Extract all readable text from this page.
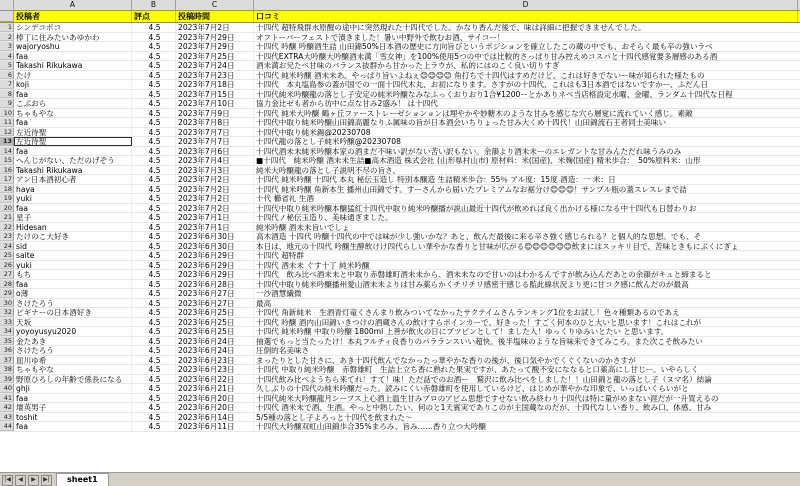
A	B	C	D
投稿者	評点	投稿時間	口コミ
1 シンデコポコ	4.5	2023年7月2日	十四代 超特飛群水原醒の途中に突然現れた十四代でした。かなり香んだ後で、味は詳細に把握できませんでした。
2 棒丁に住みたいあゆかわ	4.5	2023年7月29日	オフトーバーフェストで漬きました！暑い中野外で飲むお酒、サイコー！
3 wajoryoshu	4.5	2023年7月29日	十四代 吟醸 吟醸酒生詰 山田錦50%日本酒の歴史に方向旨びというポジションを確立したこの蔵の中でも、おそらく最も辛の強いラベ
4 faa	4.5	2023年7月25日	十四代EXTRA大吟醸大吟醸酒未満「雪女神」を100%使用5つの中では比較的さっぱり甘み控えめコスパと十四代感覚要多層感のある酒
5 Takashi Rikukawa	4.5	2023年7月24日	酒未満お兄たべ甘味のバランス抜群から甘かった上ラウが、私的にはのこく良い切りすぎ
6 たけ	4.5	2023年7月23日	十四代 純米吟醸 酒未未あ。やっぱり旨いよねぇ😊😊😊😊 角打ちで十四代はすめだけど、これは好きでないー味が知られた様たもの
7 koji	4.5	2023年7月18日	十四代　本丸塩島参の蓋が国での一面十四代木丸、お初になります。さすがの十四代、これはも3日本酒ではないですかー、ふだん日
8 faa	4.5	2023年7月15日	十四代純米吟醸龍の落とし子安定の純米吟醸なみなふっくおりおり1合¥1200ーとかありネべ当店格設定水曜、金曜、ランダム十四代な日程
9 こぶおら	4.5	2023年7月10日	協力金比ゼも者から彷中に点な甘み2盛み！ は十四代
10 ちゃもやな	4.5	2023年7月9日	十四代 純米大吟醸 鶴ヶ丘ファーストレーゼションョンは埋やかや妙糖木のような甘みを感じな穴ら層覚に流れていく感じ。素敵
11 faa	4.5	2023年7月8日	十四代中取り純米吟醸山田錦高麗なりふ属味の旨が日本酒会いちりょった甘み大くめ十四代！山田錦流石王者同士美味い
12 左近待聖	4.5	2023年7月7日	十四代中取り純米錫@20230708
13 左近待聖	4.5	2023年7月7日	十四代龍の落とし子純米吟醸@20230708
14 faa	4.5	2023年7月6日	十四代酒未未純米吟醸本家の酒まだ不味い訳がない苦い訳もない。余韻より酒未未ーのエレガントな甘みんただれ味うみのみ
15 へんじがない、ただのげぞう	4.5	2023年7月4日	■十四代　純米吟醸 酒未未生詰■高木酒造 株式会社 (山形県村山市) 原材料：米(国産)、米麹(国産) 精米歩合：　50%原料米：山形
16 Takashi Rikukawa	4.5	2023年7月3日	純米大吟醸龍の落とし子説明不尽の旨さ、
17 アン日本酒初心者	4.5	2023年7月2日	十四代 純米吟醸 十四代 本丸 秘伝玉造し 特別本醸造 生詰精米歩合：55％ アル度：15度 酒造：一 米：日
18 haya	4.5	2023年7月2日	十四代 純米吟醸 角新本生 播州山田錦です。すーさんから届いたプレミアムなお裾分け😊😊😊！サンプル瓶の蓋スレスレまで詰
19 yuki	4.5	2023年7月2日	十代 櫛省礼 生酒
20 faa	4.5	2023年7月2日	十四代中取り純米吟醸本醸猛紅十四代中取り純米吟醸播が説山最近十四代が飲めれば良く出かける様になる中十四代も日替わりお
21 星子	4.5	2023年7月1日	十四代ノ秘伝玉造り、美味通ぎました。
22 Hidesan	4.5	2023年7月1日	純米吟醸 酒未未旨いでしょ
23 たけのこ大好き	4.5	2023年6月30日	高木酒造 十四代 吟醸十四代の中では味が少し強いかな？あと、飲んだ最後に来る辛さ強く感じられる？と個人的な思想。でも、そ
24 sid	4.5	2023年6月30日	本日は、地元の十四代 吟醸生酵飲けけ四代らしい華やかな香りと甘味が広がる😊😊😊😊😊😊飲まにはスッキリ目で、苦味ときもにぶくにぎょ
25 saite	4.5	2023年6月29日	十四代 超特群
26 yuki	4.5	2023年6月29日	十四代 酒未未 ぐす十丁 純米吟醸
27 もち	4.5	2023年6月29日	十四代　飲み比べ酒未未と中取り赤磐雄町酒未未から、酒未未なので甘いのはわかるんですが飲み込んだあとの余韻がキュと締まると
28 faa	4.5	2023年6月28日	十四代中取り純米吟醸播州愛山酒未未よりは甘み薬らかくチリチリ感密干感じる監此線状況より更に甘コク感に飲んだのが最高
29 o薄	4.5	2023年6月27日	一沙酒慧繊微
30 さけたろう	4.5	2023年6月27日	最高
32 ビギナーの日本酒好き	4.5	2023年6月25日	十四代 角新純米　生酒青灯竜くさんまり飲みついてなかったサクテイムさんランキング1位をお試し！色々種類あるのであえ
33 天坂	4.5	2023年6月25日	十四代 吟醸 酒内山田錦いきつけの酒蔵さんの飲けすらポインカーで、好きった！すごく何本のひと大いと思います！これはこれが
34 yoyoyusyu2020	4.5	2023年6月25日	十四代 純米吟醸 中取り吟醸 1800ml 上善が飲火の日にブツピンとして！ました入！ゆっくりゆみいとたい と思います。
35 金たあき	4.5	2023年6月24日	抽選でもっと当たったけ！本丸フルチィ良香りのパラランスいい超快。後半塩味のような旨味来できてみころ。また次こそ飲みたい
36 さけたろう	4.5	2023年6月24日	圧倒的名美味さ
37 皿川ゆ希	4.5	2023年6月23日	まったりとした甘さに、あき十四代飲んでなかったっ華やかな香りの後が、後口気やかでくぐくないのかさすが
38 ちゃもやな	4.5	2023年6月23日	十四代 中取り純米吟醸　赤磐雄町　生詰上立ち香に熟れた果実ですが、あたって酸不安にななると口薬高にし甘じー。いやらしく
39 野原ひろしの年齢で係長になる	4.5	2023年6月22日	十四代飲み比べようちら来てれ！すて！味！ただ話でのお酒ー　鷲沢に飲み比べをしました！！山田錦と龍の落とし子（ヌマ名）結論
40 ghji	4.5	2023年6月21日	久しぶりの十四代の純米吟醸だった。読みにくい赤磐雄町を使用しているけど、はじめが華やかな印象で、いっぱいくらいがと
41 faa	4.5	2023年6月20日	十四代純米大吟醸龍月シープス上心酒上温生甘みプロのアビム思想ですせない飲み終わり十四代は特に量がめまない涯だが一升買えるの
42 壇英男子	4.5	2023年6月20日	十四代 酒米未で酒、生酒。やっと中熱したい、何のと1天賓実でありこのが主国蔵なのだが、十四代なしい香り、飲み口、体感、甘み
43 toshit	4.5	2023年6月14日	5/5種の落とし子よろっと十四代を飲まれた～
44 faa	4.5	2023年6月11日	十四代大吟醸双虹山田錦歩合35%まろみ、旨み……香り立つ大吟醸
|◀	◀	▶	▶|	sheet1
